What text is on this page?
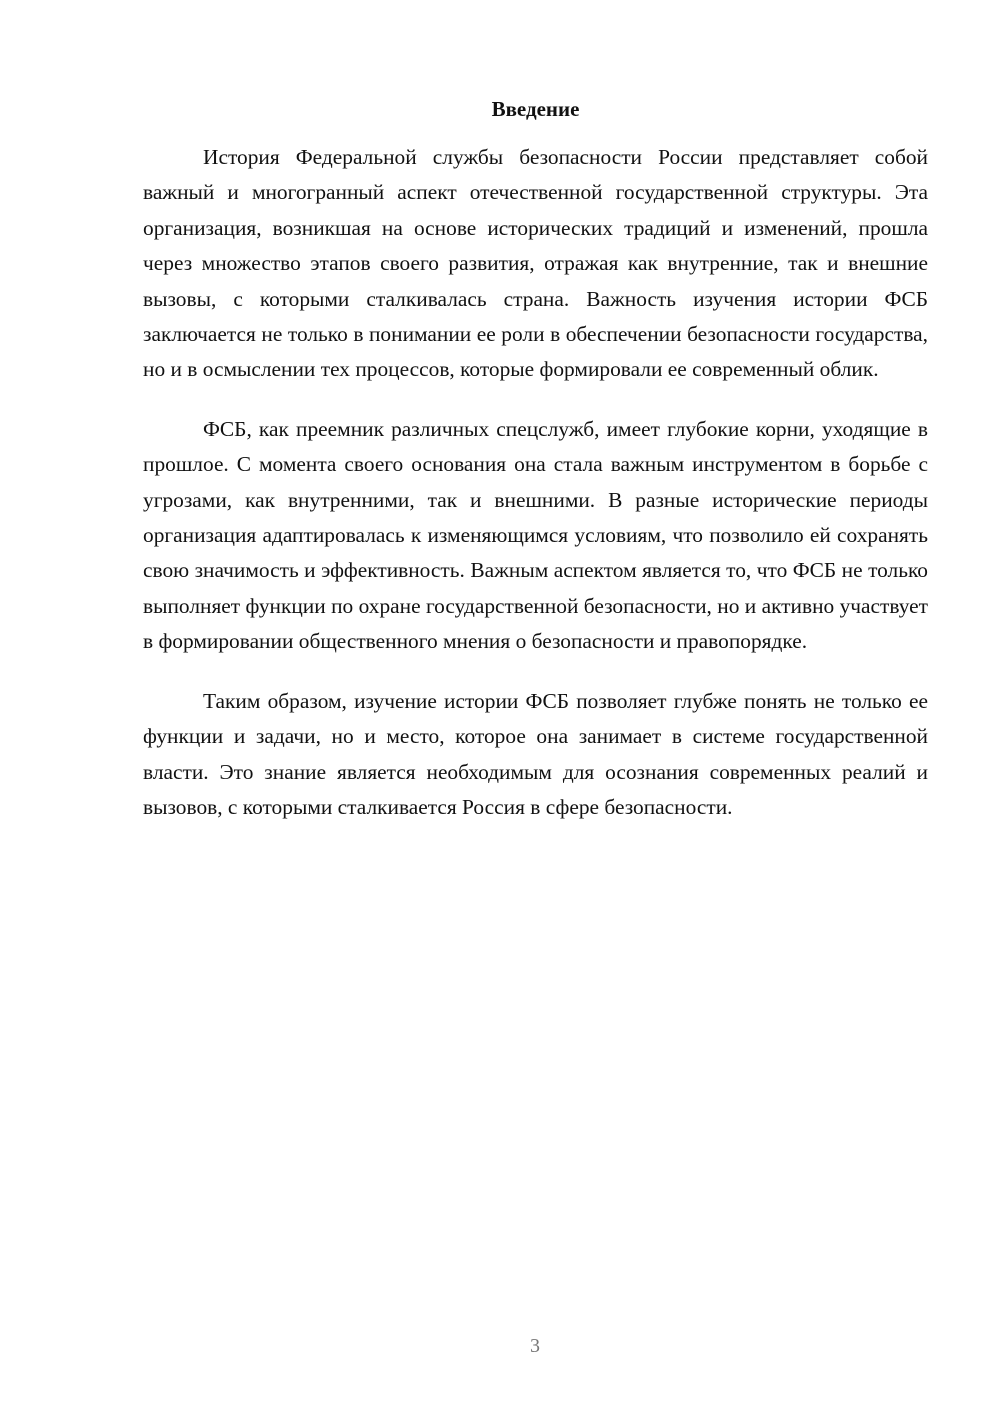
Введение

История Федеральной службы безопасности России представляет собой важный и многогранный аспект отечественной государственной структуры. Эта организация, возникшая на основе исторических традиций и изменений, прошла через множество этапов своего развития, отражая как внутренние, так и внешние вызовы, с которыми сталкивалась страна. Важность изучения истории ФСБ заключается не только в понимании ее роли в обеспечении безопасности государства, но и в осмыслении тех процессов, которые формировали ее современный облик.

ФСБ, как преемник различных спецслужб, имеет глубокие корни, уходящие в прошлое. С момента своего основания она стала важным инструментом в борьбе с угрозами, как внутренними, так и внешними. В разные исторические периоды организация адаптировалась к изменяющимся условиям, что позволило ей сохранять свою значимость и эффективность. Важным аспектом является то, что ФСБ не только выполняет функции по охране государственной безопасности, но и активно участвует в формировании общественного мнения о безопасности и правопорядке.

Таким образом, изучение истории ФСБ позволяет глубже понять не только ее функции и задачи, но и место, которое она занимает в системе государственной власти. Это знание является необходимым для осознания современных реалий и вызовов, с которыми сталкивается Россия в сфере безопасности.

3
